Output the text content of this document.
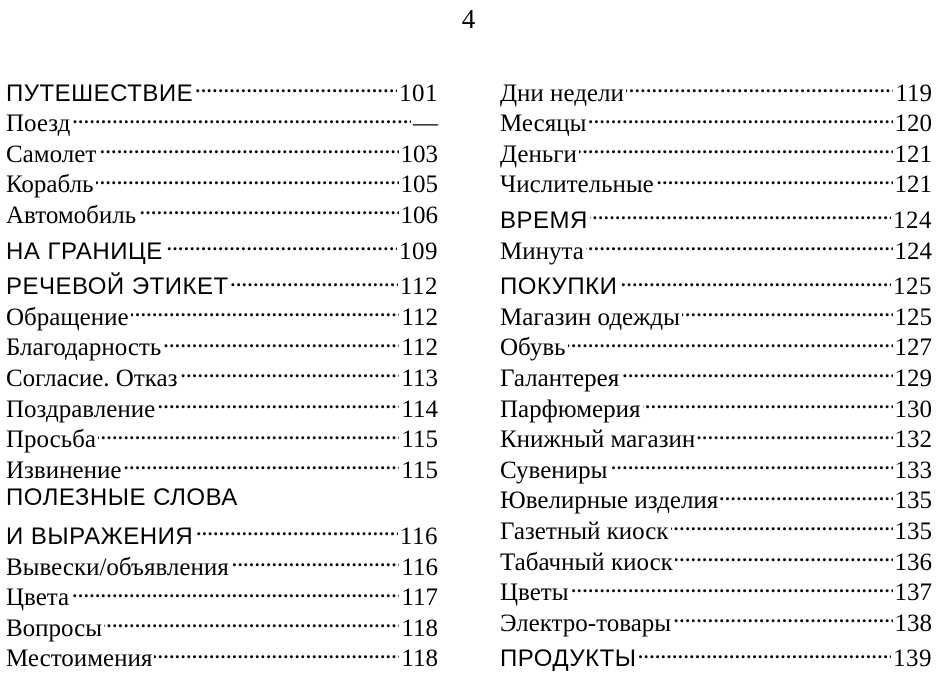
4
ПУТЕШЕСТВИЕ . . .	101
Поезд . . .	—
Самолет . . .	103
Корабль . . .	105
Автомобиль . . .	106
НА ГРАНИЦЕ . . .	109
РЕЧЕВОЙ ЭТИКЕТ . . .	112
Обращение . . .	112
Благодарность . . .	112
Согласие. Отказ . . .	113
Поздравление . . .	114
Просьба . . .	115
Извинение . . .	115
ПОЛЕЗНЫЕ СЛОВА
И ВЫРАЖЕНИЯ . . .	116
Вывески/объявления . . .	116
Цвета . . .	117
Вопросы . . .	118
Местоимения . . .	118
Дни недели . . .	119
Месяцы . . .	120
Деньги . . .	121
Числительные . . .	121
ВРЕМЯ . . .	124
Минута . . .	124
ПОКУПКИ . . .	125
Магазин одежды . . .	125
Обувь . . .	127
Галантерея . . .	129
Парфюмерия . . .	130
Книжный магазин . . .	132
Сувениры . . .	133
Ювелирные изделия . . .	135
Газетный киоск . . .	135
Табачный киоск . . .	136
Цветы . . .	137
Электро-товары . . .	138
ПРОДУКТЫ . . .	139
